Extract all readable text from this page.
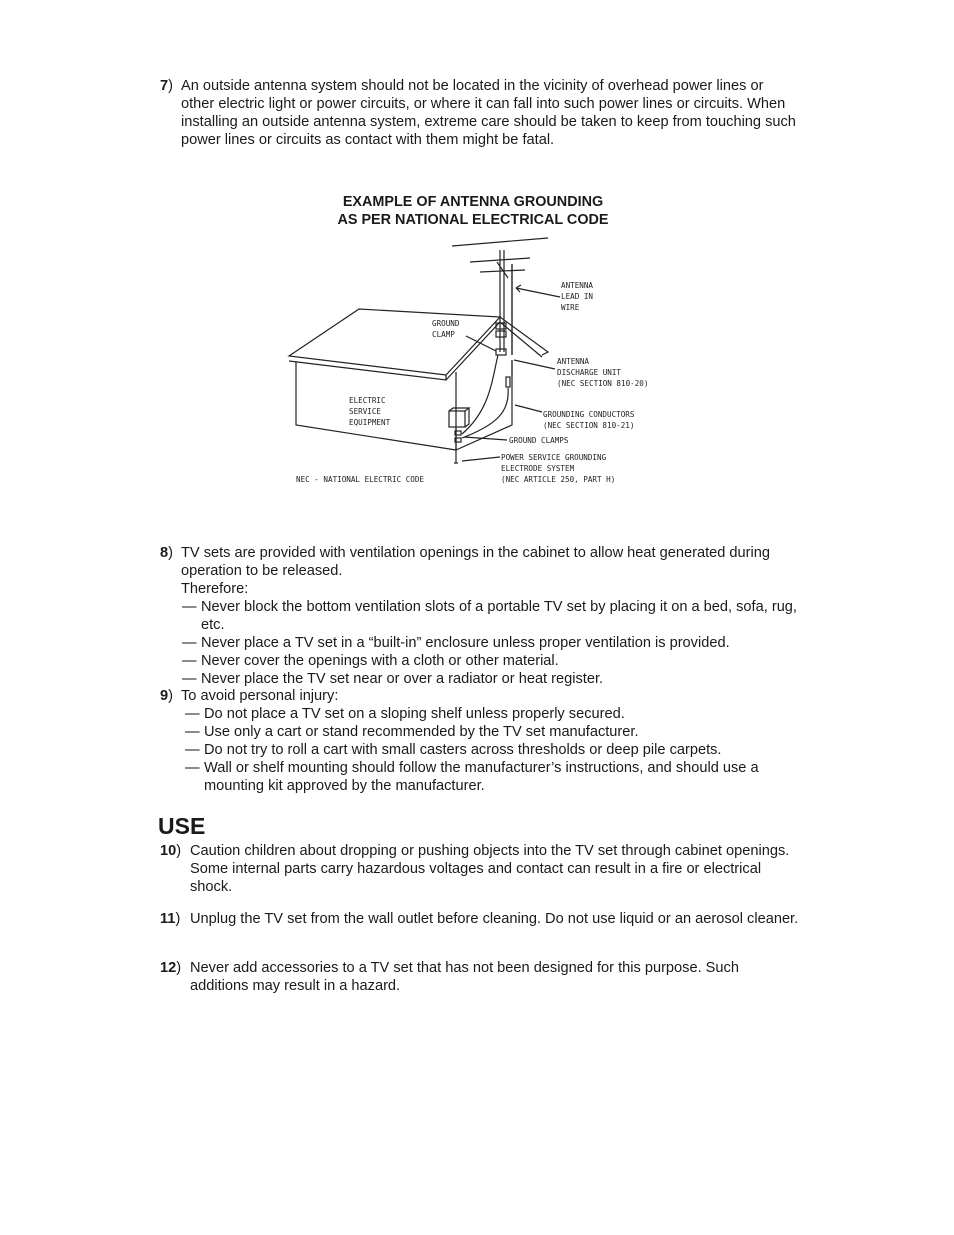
7) An outside antenna system should not be located in the vicinity of overhead power lines or other electric light or power circuits, or where it can fall into such power lines or circuits. When installing an outside antenna system, extreme care should be taken to keep from touching such power lines or circuits as contact with them might be fatal.
EXAMPLE OF ANTENNA GROUNDING
AS PER NATIONAL ELECTRICAL CODE
ANTENNA
LEAD IN
WIRE
GROUND
CLAMP
ANTENNA
DISCHARGE UNIT
(NEC SECTION 810-20)
ELECTRIC
SERVICE
EQUIPMENT
GROUNDING CONDUCTORS
(NEC SECTION 810-21)
GROUND CLAMPS
POWER SERVICE GROUNDING
ELECTRODE SYSTEM
(NEC ARTICLE 250, PART H)
NEC - NATIONAL ELECTRIC CODE
8) TV sets are provided with ventilation openings in the cabinet to allow heat generated during operation to be released.
Therefore:
— Never block the bottom ventilation slots of a portable TV set by placing it on a bed, sofa, rug, etc.
— Never place a TV set in a “built-in” enclosure unless proper ventilation is provided.
— Never cover the openings with a cloth or other material.
— Never place the TV set near or over a radiator or heat register.
9) To avoid personal injury:
— Do not place a TV set on a sloping shelf unless properly secured.
— Use only a cart or stand recommended by the TV set manufacturer.
— Do not try to roll a cart with small casters across thresholds or deep pile carpets.
— Wall or shelf mounting should follow the manufacturer’s instructions, and should use a mounting kit approved by the manufacturer.
USE
10) Caution children about dropping or pushing objects into the TV set through cabinet openings. Some internal parts carry hazardous voltages and contact can result in a fire or electrical shock.
11) Unplug the TV set from the wall outlet before cleaning. Do not use liquid or an aerosol cleaner.
12) Never add accessories to a TV set that has not been designed for this purpose. Such additions may result in a hazard.
